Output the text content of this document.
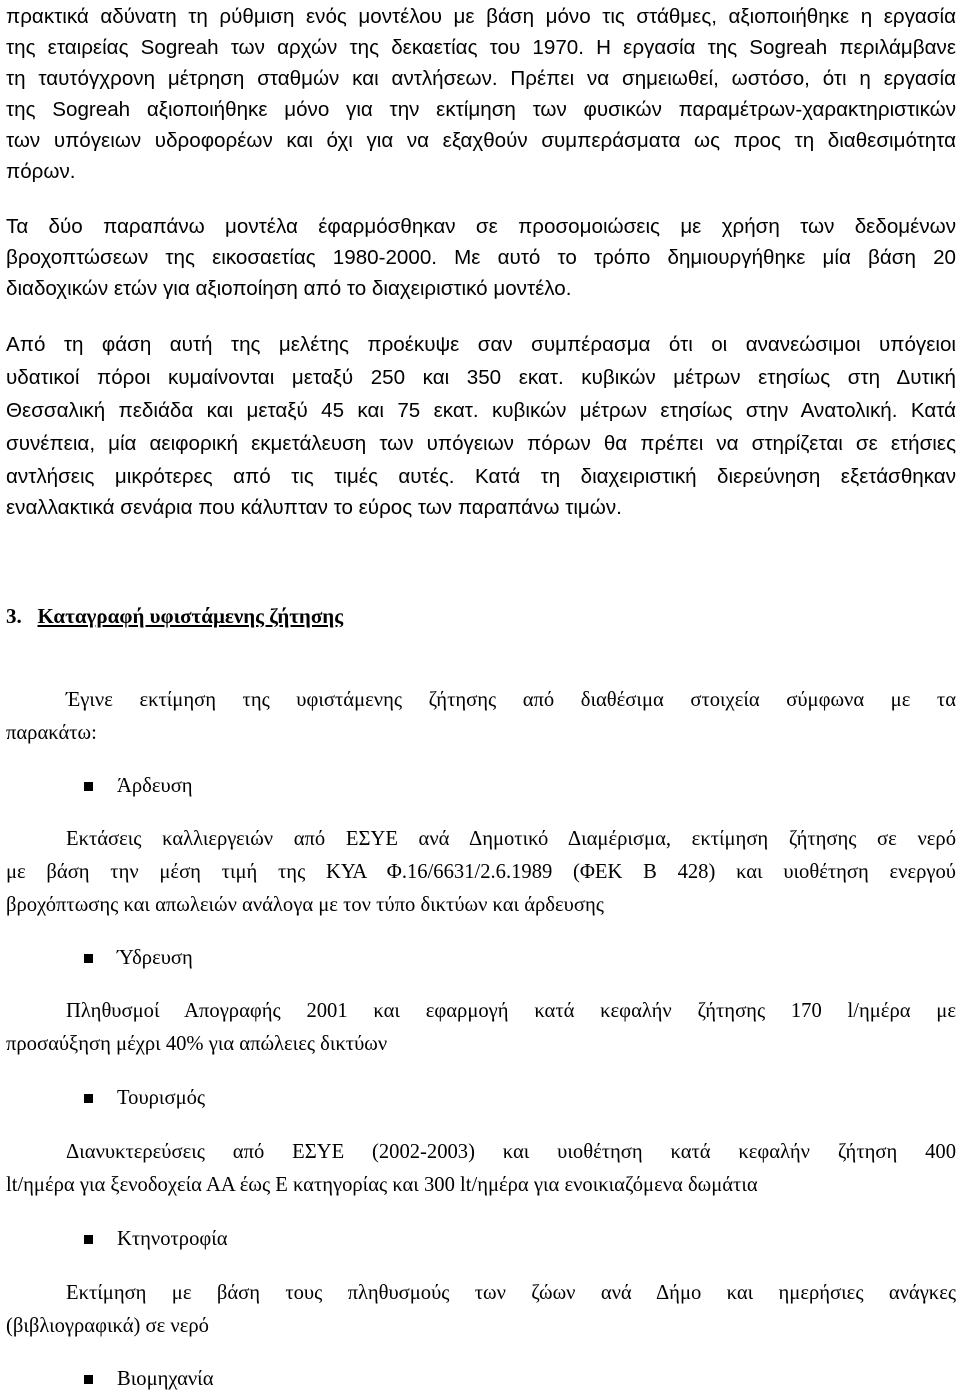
πρακτικά αδύνατη τη ρύθμιση ενός μοντέλου με βάση μόνο τις στάθμες, αξιοποιήθηκε η εργασία
της εταιρείας Sogreah των αρχών της δεκαετίας του 1970. Η εργασία της Sogreah περιλάμβανε
τη ταυτόγχρονη μέτρηση σταθμών και αντλήσεων. Πρέπει να σημειωθεί, ωστόσο, ότι η εργασία
της Sogreah αξιοποιήθηκε μόνο για την εκτίμηση των φυσικών παραμέτρων-χαρακτηριστικών
των υπόγειων υδροφορέων και όχι για να εξαχθούν συμπεράσματα ως προς τη διαθεσιμότητα
πόρων.
Τα δύο παραπάνω μοντέλα έφαρμόσθηκαν σε προσομοιώσεις με χρήση των δεδομένων
βροχοπτώσεων της εικοσαετίας 1980-2000. Με αυτό το τρόπο δημιουργήθηκε μία βάση 20
διαδοχικών ετών για αξιοποίηση από το διαχειριστικό μοντέλο.
Από τη φάση αυτή της μελέτης προέκυψε σαν συμπέρασμα ότι οι ανανεώσιμοι υπόγειοι
υδατικοί πόροι κυμαίνονται μεταξύ 250 και 350 εκατ. κυβικών μέτρων ετησίως στη Δυτική
Θεσσαλική πεδιάδα και μεταξύ 45 και 75 εκατ. κυβικών μέτρων ετησίως στην Ανατολική. Κατά
συνέπεια, μία αειφορική εκμετάλευση των υπόγειων πόρων θα πρέπει να στηρίζεται σε ετήσιες
αντλήσεις μικρότερες από τις τιμές αυτές. Κατά τη διαχειριστική διερεύνηση εξετάσθηκαν
εναλλακτικά σενάρια που κάλυπταν το εύρος των παραπάνω τιμών.
3. Καταγραφή υφιστάμενης ζήτησης
Έγινε εκτίμηση της υφιστάμενης ζήτησης από διαθέσιμα στοιχεία σύμφωνα με τα
παρακάτω:
Άρδευση
Εκτάσεις καλλιεργειών από ΕΣΥΕ ανά Δημοτικό Διαμέρισμα, εκτίμηση ζήτησης σε νερό
με βάση την μέση τιμή της ΚΥΑ Φ.16/6631/2.6.1989 (ΦΕΚ Β 428) και υιοθέτηση ενεργού
βροχόπτωσης και απωλειών ανάλογα με τον τύπο δικτύων και άρδευσης
Ύδρευση
Πληθυσμοί Απογραφής 2001 και εφαρμογή κατά κεφαλήν ζήτησης 170 l/ημέρα με
προσαύξηση μέχρι 40% για απώλειες δικτύων
Τουρισμός
Διανυκτερεύσεις από ΕΣΥΕ (2002-2003) και υιοθέτηση κατά κεφαλήν ζήτηση 400
lt/ημέρα για ξενοδοχεία ΑΑ έως Ε κατηγορίας και 300 lt/ημέρα για ενοικιαζόμενα δωμάτια
Κτηνοτροφία
Εκτίμηση με βάση τους πληθυσμούς των ζώων ανά Δήμο και ημερήσιες ανάγκες
(βιβλιογραφικά) σε νερό
Βιομηχανία
